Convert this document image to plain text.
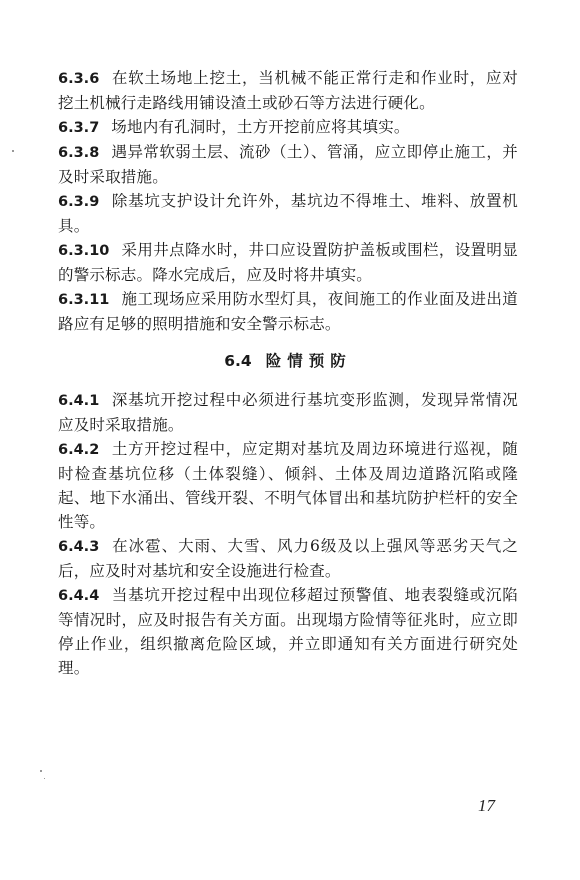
6.3.6 在软土场地上挖土，当机械不能正常行走和作业时，应对挖土机械行走路线用铺设渣土或砂石等方法进行硬化。

6.3.7 场地内有孔洞时，土方开挖前应将其填实。

6.3.8 遇异常软弱土层、流砂（土）、管涌，应立即停止施工，并及时采取措施。

6.3.9 除基坑支护设计允许外，基坑边不得堆土、堆料、放置机具。

6.3.10 采用井点降水时，井口应设置防护盖板或围栏，设置明显的警示标志。降水完成后，应及时将井填实。

6.3.11 施工现场应采用防水型灯具，夜间施工的作业面及进出道路应有足够的照明措施和安全警示标志。

6.4 险情预防

6.4.1 深基坑开挖过程中必须进行基坑变形监测，发现异常情况应及时采取措施。

6.4.2 土方开挖过程中，应定期对基坑及周边环境进行巡视，随时检查基坑位移（土体裂缝）、倾斜、土体及周边道路沉陷或隆起、地下水涌出、管线开裂、不明气体冒出和基坑防护栏杆的安全性等。

6.4.3 在冰雹、大雨、大雪、风力6级及以上强风等恶劣天气之后，应及时对基坑和安全设施进行检查。

6.4.4 当基坑开挖过程中出现位移超过预警值、地表裂缝或沉陷等情况时，应及时报告有关方面。出现塌方险情等征兆时，应立即停止作业，组织撤离危险区域，并立即通知有关方面进行研究处理。

17
